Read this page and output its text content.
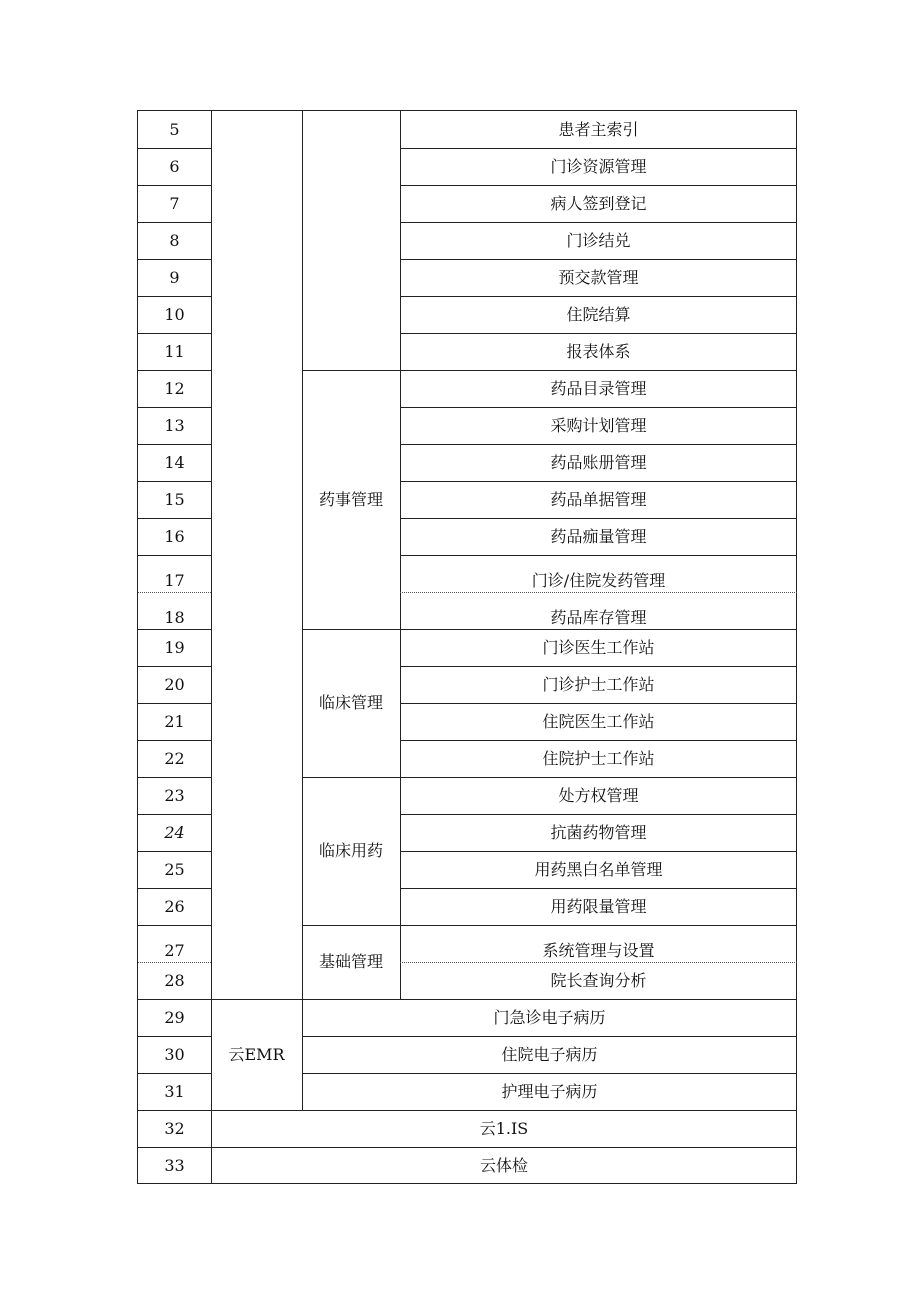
5
6
7
8
9
10
11
12
13
14
15
16
17
18
19
20
21
22
23
24
25
26
27
28
29
30
31
32
33
患者主索引
门诊资源管理
病人签到登记
门诊结兑
预交款管理
住院结算
报表体系
药品目录管理
采购计划管理
药品账册管理
药品单据管理
药品痂量管理
门诊/住院发药管理
药品库存管理
门诊医生工作站
门诊护士工作站
住院医生工作站
住院护士工作站
处方权管理
抗菌药物管理
用药黑白名单管理
用药限量管理
系统管理与设置
院长查询分析
门急诊电子病历
住院电子病历
护理电子病历
云1.IS
云体检
药事管理
临床管理
临床用药
基础管理
云EMR
